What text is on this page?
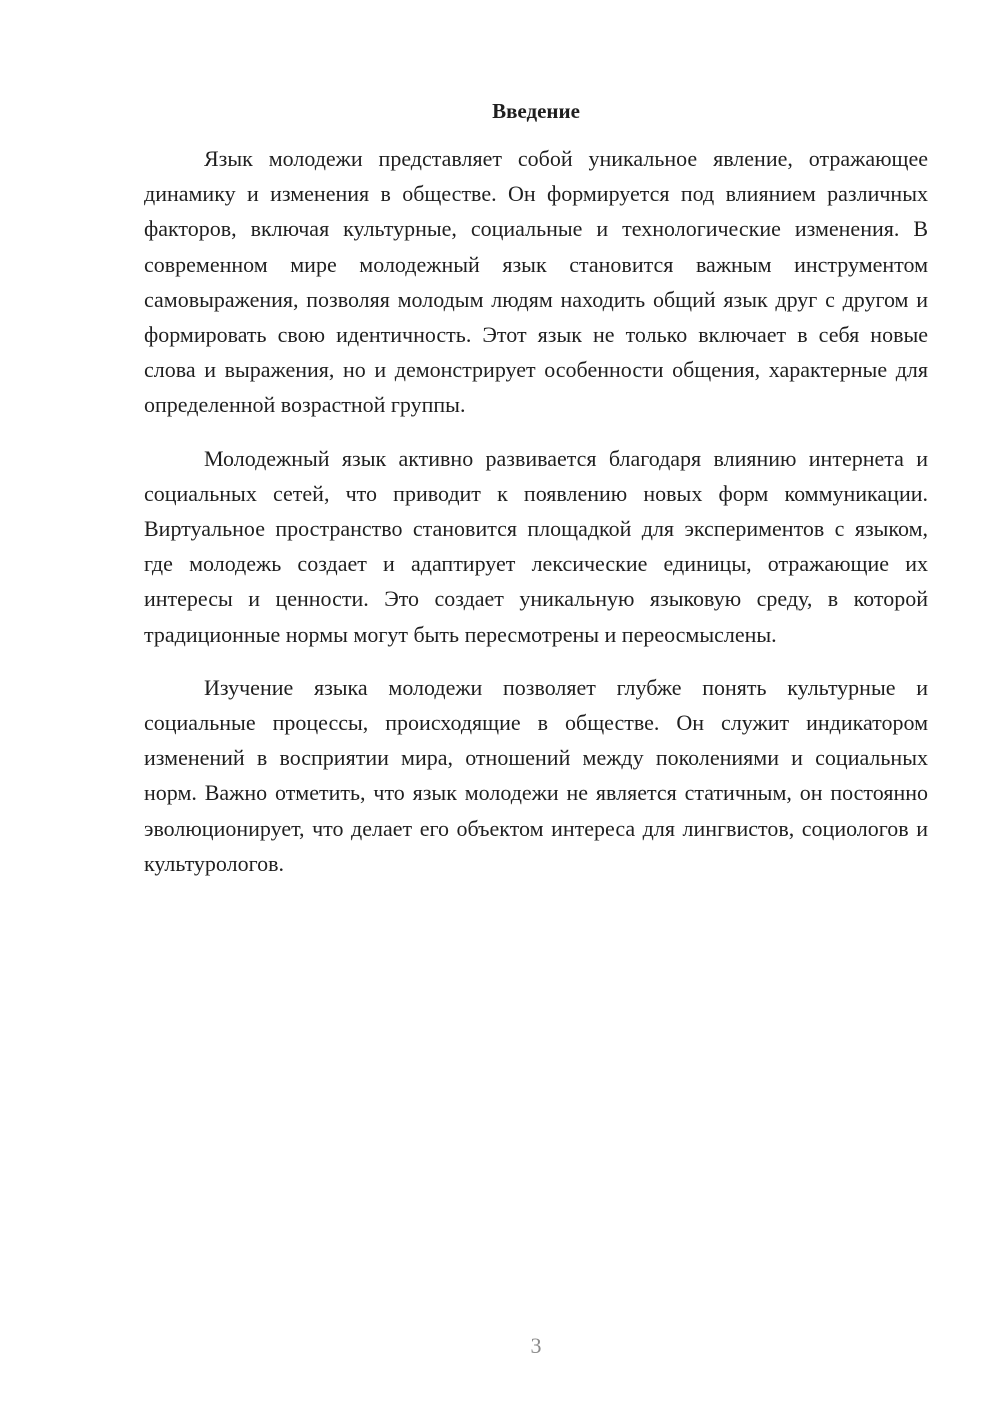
Введение

Язык молодежи представляет собой уникальное явление, отражающее динамику и изменения в обществе. Он формируется под влиянием различных факторов, включая культурные, социальные и технологические изменения. В современном мире молодежный язык становится важным инструментом самовыражения, позволяя молодым людям находить общий язык друг с другом и формировать свою идентичность. Этот язык не только включает в себя новые слова и выражения, но и демонстрирует особенности общения, характерные для определенной возрастной группы.

Молодежный язык активно развивается благодаря влиянию интернета и социальных сетей, что приводит к появлению новых форм коммуникации. Виртуальное пространство становится площадкой для экспериментов с языком, где молодежь создает и адаптирует лексические единицы, отражающие их интересы и ценности. Это создает уникальную языковую среду, в которой традиционные нормы могут быть пересмотрены и переосмыслены.

Изучение языка молодежи позволяет глубже понять культурные и социальные процессы, происходящие в обществе. Он служит индикатором изменений в восприятии мира, отношений между поколениями и социальных норм. Важно отметить, что язык молодежи не является статичным, он постоянно эволюционирует, что делает его объектом интереса для лингвистов, социологов и культурологов.

3
